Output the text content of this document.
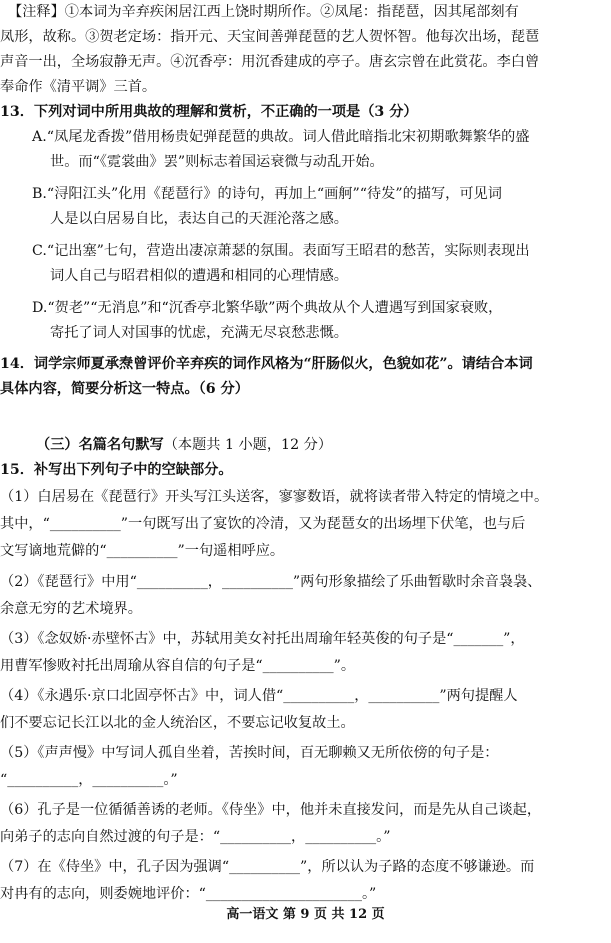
【注释】①本词为辛弃疾闲居江西上饶时期所作。②凤尾：指琵琶，因其尾部刻有
凤形，故称。③贺老定场：指开元、天宝间善弹琵琶的艺人贺怀智。他每次出场，琵琶
声音一出，全场寂静无声。④沉香亭：用沉香建成的亭子。唐玄宗曾在此赏花。李白曾
奉命作《清平调》三首。
13．下列对词中所用典故的理解和赏析，不正确的一项是（3 分）
A.“凤尾龙香拨”借用杨贵妃弹琵琶的典故。词人借此暗指北宋初期歌舞繁华的盛
世。而“《霓裳曲》罢”则标志着国运衰微与动乱开始。
B.“浔阳江头”化用《琵琶行》的诗句，再加上“画舸”“待发”的描写，可见词
人是以白居易自比，表达自己的天涯沦落之感。
C.“记出塞”七句，营造出凄凉萧瑟的氛围。表面写王昭君的愁苦，实际则表现出
词人自己与昭君相似的遭遇和相同的心理情感。
D.“贺老”“无消息”和“沉香亭北繁华歇”两个典故从个人遭遇写到国家衰败，
寄托了词人对国事的忧虑，充满无尽哀愁悲慨。
14．词学宗师夏承焘曾评价辛弃疾的词作风格为“肝肠似火，色貌如花”。请结合本词
具体内容，简要分析这一特点。（6 分）
（三）名篇名句默写（本题共 1 小题，12 分）
15．补写出下列句子中的空缺部分。
（1）白居易在《琵琶行》开头写江头送客，寥寥数语，就将读者带入特定的情境之中。
其中，“__________”一句既写出了宴饮的冷清，又为琵琶女的出场埋下伏笔，也与后
文写谪地荒僻的“__________”一句遥相呼应。
（2）《琵琶行》中用“__________，__________”两句形象描绘了乐曲暂歇时余音袅袅、
余意无穷的艺术境界。
（3）《念奴娇·赤壁怀古》中，苏轼用美女衬托出周瑜年轻英俊的句子是“_______”，
用曹军惨败衬托出周瑜从容自信的句子是“__________”。
（4）《永遇乐·京口北固亭怀古》中，词人借“__________，__________”两句提醒人
们不要忘记长江以北的金人统治区，不要忘记收复故土。
（5）《声声慢》中写词人孤自坐着，苦挨时间，百无聊赖又无所依傍的句子是：
“__________，__________。”
（6）孔子是一位循循善诱的老师。《侍坐》中，他并未直接发问，而是先从自己谈起，
向弟子的志向自然过渡的句子是：“__________，__________。”
（7）在《侍坐》中，孔子因为强调“__________”，所以认为子路的态度不够谦逊。而
对冉有的志向，则委婉地评价：“______________________。”
高一语文 第 9 页 共 12 页
